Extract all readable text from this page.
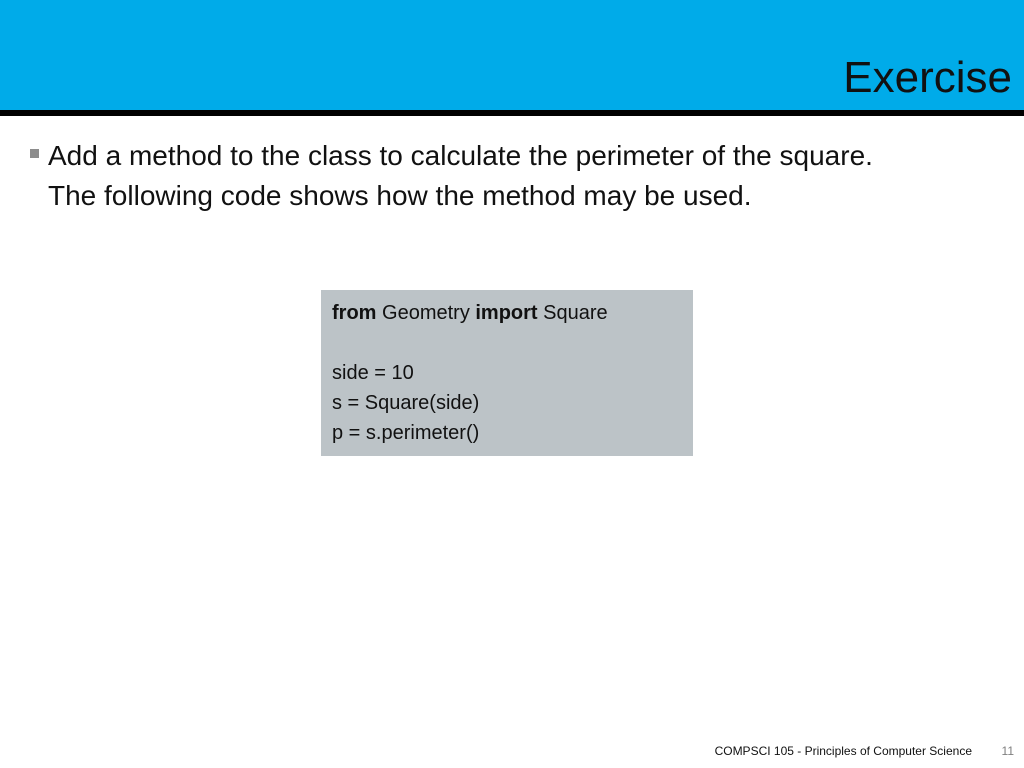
Exercise

Add a method to the class to calculate the perimeter of the square.
The following code shows how the method may be used.

from Geometry import Square
side = 10
s = Square(side)
p = s.perimeter()
COMPSCI 105 - Principles of Computer Science 11
